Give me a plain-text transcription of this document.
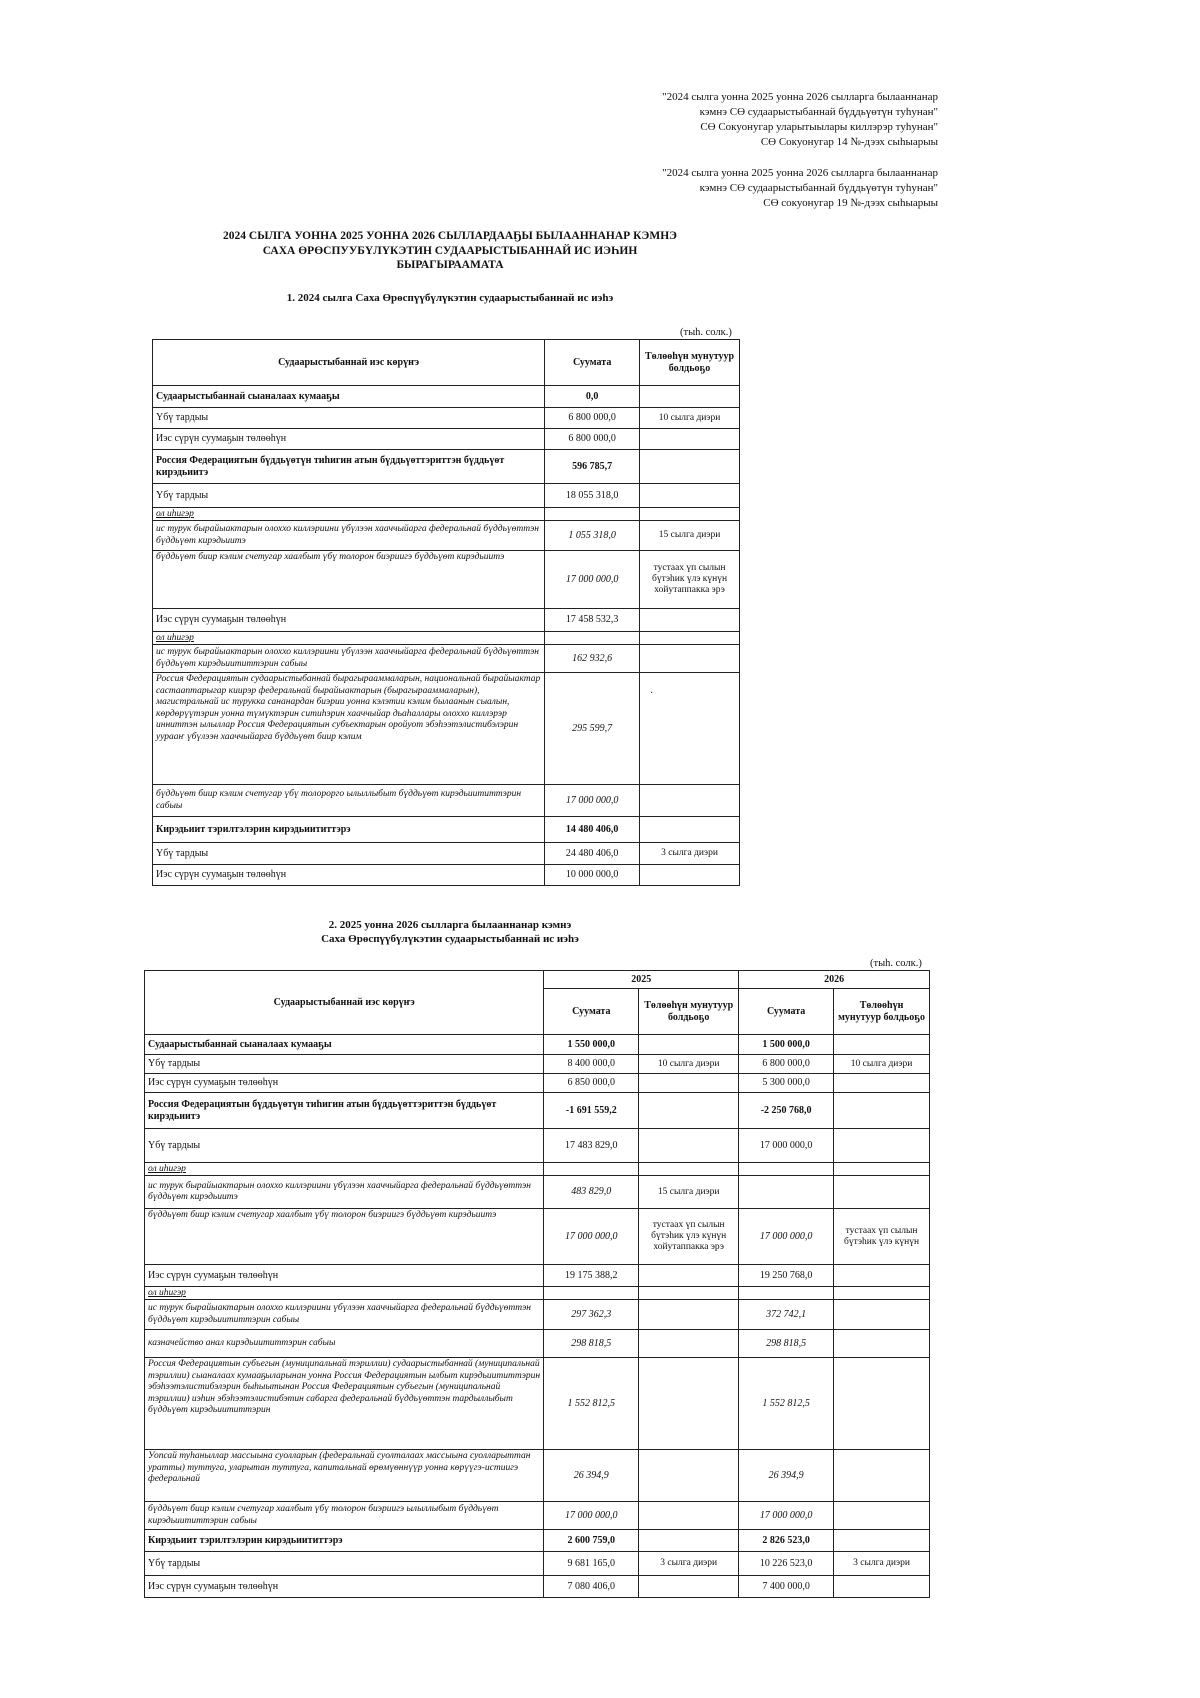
"2024 сылга уонна 2025 уонна 2026 сылларга былааннанар
кэмнэ СӨ судаарыстыбаннай бүддьүөтүн туһунан"
СӨ Сокуонугар уларытыылары киллэрэр туһунан"
СӨ Сокуонугар 14 №-дээх сыһыарыы
"2024 сылга уонна 2025 уонна 2026 сылларга былааннанар
кэмнэ СӨ судаарыстыбаннай бүддьүөтүн туһунан"
СӨ сокуонугар 19 №-дээх сыһыарыы
2024 СЫЛГА УОННА 2025 УОННА 2026 СЫЛЛАРДААҔЫ БЫЛААННАНАР КЭМНЭ
САХА ӨРӨСПУУБҮЛҮКЭТИН СУДААРЫСТЫБАННАЙ ИС ИЭҺИН
БЫРАГЫРААМАТА
1. 2024 сылга Саха Өрөспүүбүлүкэтин судаарыстыбаннай ис иэһэ
(тыһ. солк.)
·
Судаарыстыбаннай иэс көрүҥэ	Суумата	Төлөөһүн мунутуур болдьоҕо
Судаарыстыбаннай сыаналаах кумааҕы	0,0	
Үбү тардыы	6 800 000,0	10 сылга диэри
Иэс сүрүн суумаҕын төлөөһүн	6 800 000,0	
Россия Федерациятын бүддьүөтүн тиһигин атын бүддьүөттэриттэн бүддьүөт кирэдьиитэ	596 785,7	
Үбү тардыы	18 055 318,0	
ол иһигэр		
ис турук бырайыактарын олоххо киллэриини үбүлээн хааччыйарга федеральнай бүддьүөттэн бүддьүөт кирэдьиитэ	1 055 318,0	15 сылга диэри
бүддьүөт биир кэлим счетугар хаалбыт үбү толорон биэриигэ бүддьүөт кирэдьиитэ	17 000 000,0	тустаах үп сылын бүтэһик үлэ күнүн хойутаппакка эрэ
Иэс сүрүн суумаҕын төлөөһүн	17 458 532,3	
ол иһигэр		
ис турук бырайыактарын олоххо киллэриини үбүлээн хааччыйарга федеральнай бүддьүөттэн бүддьүөт кирэдьиититтэрин сабыы	162 932,6	
Россия Федерациятын судаарыстыбаннай бырагырааммаларын, национальнай бырайыактар састааптарыгар киирэр федеральнай бырайыактарын (бырагырааммаларын), магистральнай ис турукка сананардан биэрии уонна кэлэтии кэлим былаанын сыалын, көрдөрүүтэрин уонна түмүктэрин ситиһэрин хааччыйар дьаһаллары олоххо киллэрэр инниттэн ылыллар Россия Федерациятын субъектарын оройуот эбэһээтэлистибэлэрин уурааҥ үбүлээн хааччыйарга бүддьүөт биир кэлим	295 599,7	
бүддьүөт биир кэлим счетугар үбү толорорго ылыллыбыт бүддьүөт кирэдьиититтэрин сабыы	17 000 000,0	
Кирэдьиит тэрилтэлэрин кирэдьиититтэрэ	14 480 406,0	
Үбү тардыы	24 480 406,0	3 сылга диэри
Иэс сүрүн суумаҕын төлөөһүн	10 000 000,0	
2. 2025 уонна 2026 сылларга былааннанар кэмнэ
Саха Өрөспүүбүлүкэтин судаарыстыбаннай ис иэһэ
(тыһ. солк.)
Судаарыстыбаннай иэс көрүҥэ	2025		2026	
	Суумата	Төлөөһүн мунутуур болдьоҕо	Суумата	Төлөөһүн мунутуур болдьоҕо
Судаарыстыбаннай сыаналаах кумааҕы	1 550 000,0		1 500 000,0	
Үбү тардыы	8 400 000,0	10 сылга диэри	6 800 000,0	10 сылга диэри
Иэс сүрүн суумаҕын төлөөһүн	6 850 000,0		5 300 000,0	
Россия Федерациятын бүддьүөтүн тиһигин атын бүддьүөттэриттэн бүддьүөт кирэдьиитэ	-1 691 559,2		-2 250 768,0	
Үбү тардыы	17 483 829,0		17 000 000,0	
ол иһигэр				
ис турук бырайыактарын олоххо киллэриини үбүлээн хааччыйарга федеральнай бүддьүөттэн бүддьүөт кирэдьиитэ	483 829,0	15 сылга диэри		
бүддьүөт биир кэлим счетугар хаалбыт үбү толорон биэриигэ бүддьүөт кирэдьиитэ	17 000 000,0	тустаах үп сылын бүтэһик үлэ күнүн хойутаппакка эрэ	17 000 000,0	тустаах үп сылын бүтэһик үлэ күнүн
Иэс сүрүн суумаҕын төлөөһүн	19 175 388,2		19 250 768,0	
ол иһигэр				
ис турук бырайыактарын олоххо киллэриини үбүлээн хааччыйарга федеральнай бүддьүөттэн бүддьүөт кирэдьиититтэрин сабыы	297 362,3		372 742,1	
казначейство анал кирэдьиититтэрин сабыы	298 818,5		298 818,5	
Россия Федерациятын субъегын (муниципальнай тэриллии) судаарыстыбаннай (муниципальнай тэриллии) сыаналаах кумааҕыларынан уонна Россия Федерациятын ылбыт кирэдьиититтэрин эбэһээтэлистибэлэрин быһыытынан Россия Федерациятын субъегын (муниципальнай тэриллии) иэһин эбэһээтэлистибэтин сабарга федеральнай бүддьүөттэн тардыллыбыт бүддьүөт кирэдьиититтэрин	1 552 812,5		1 552 812,5	
Уопсай туһаныллар массыына суолларын (федеральнай суолталаах массыына суолларыттан уратты) туттуга, уларытан туттуга, капитальнай өрөмүөннүүр уонна көрүүгэ-истиигэ федеральнай	26 394,9		26 394,9	
бүддьүөт биир кэлим счетугар хаалбыт үбү толорон биэриигэ ылыллыбыт бүддьүөт кирэдьиититтэрин сабыы	17 000 000,0		17 000 000,0	
Кирэдьиит тэрилтэлэрин кирэдьиититтэрэ	2 600 759,0		2 826 523,0	
Үбү тардыы	9 681 165,0	3 сылга диэри	10 226 523,0	3 сылга диэри
Иэс сүрүн суумаҕын төлөөһүн	7 080 406,0		7 400 000,0	
